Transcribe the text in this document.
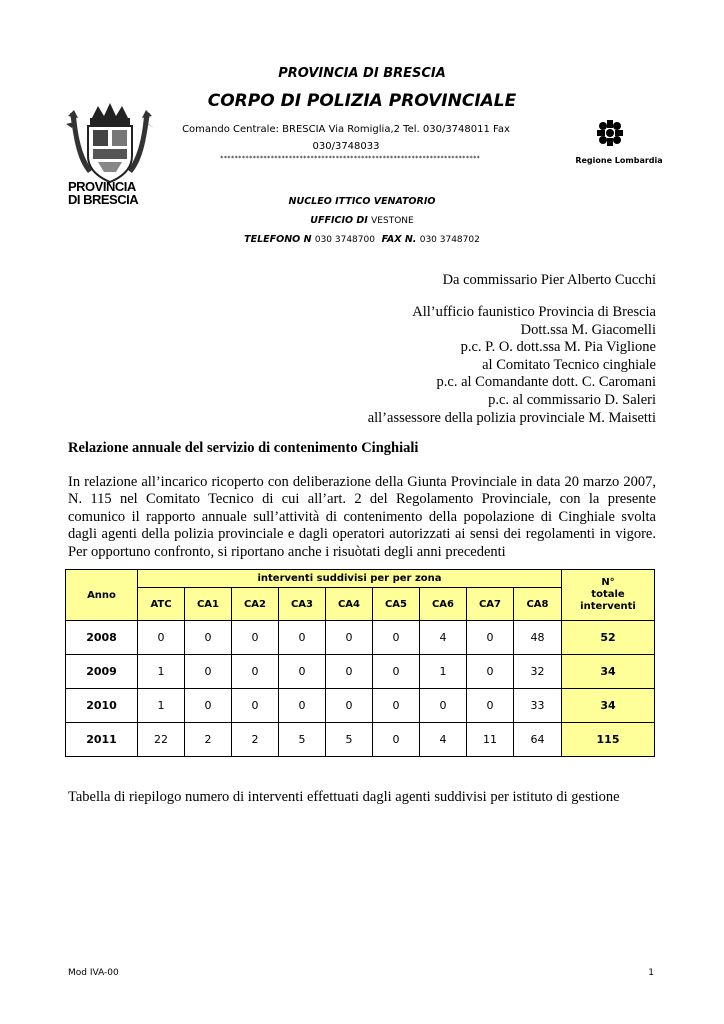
PROVINCIA DI BRESCIA
CORPO DI POLIZIA PROVINCIALE
Comando Centrale: BRESCIA Via Romiglia,2 Tel. 030/3748011 Fax
030/3748033
************************************************************************
PROVINCIA
DI BRESCIA
Regione Lombardia
NUCLEO ITTICO VENATORIO
UFFICIO DI VESTONE
TELEFONO N 030 3748700 FAX N. 030 3748702
Da commissario Pier Alberto Cucchi
All’ufficio faunistico Provincia di Brescia
Dott.ssa M. Giacomelli
p.c. P. O. dott.ssa M. Pia Viglione
al Comitato Tecnico cinghiale
p.c. al Comandante dott. C. Caromani
p.c. al commissario D. Saleri
all’assessore della polizia provinciale M. Maisetti
Relazione annuale del servizio di contenimento Cinghiali
In relazione all’incarico ricoperto con deliberazione della Giunta Provinciale in data 20 marzo 2007,
N. 115 nel Comitato Tecnico di cui all’art. 2 del Regolamento Provinciale, con la presente
comunico il rapporto annuale sull’attività di contenimento della popolazione di Cinghiale svolta
dagli agenti della polizia provinciale e dagli operatori autorizzati ai sensi dei regolamenti in vigore.
Per opportuno confronto, si riportano anche i risuòtati degli anni precedenti
Anno	interventi suddivisi per per zona									N°
totale
interventi

	ATC	CA1	CA2	CA3	CA4	CA5	CA6	CA7	CA8	
2008	0	0	0	0	0	0	4	0	48	52
2009	1	0	0	0	0	0	1	0	32	34
2010	1	0	0	0	0	0	0	0	33	34
2011	22	2	2	5	5	0	4	11	64	115
Tabella di riepilogo numero di interventi effettuati dagli agenti suddivisi per istituto di gestione
Mod IVA-00	1
